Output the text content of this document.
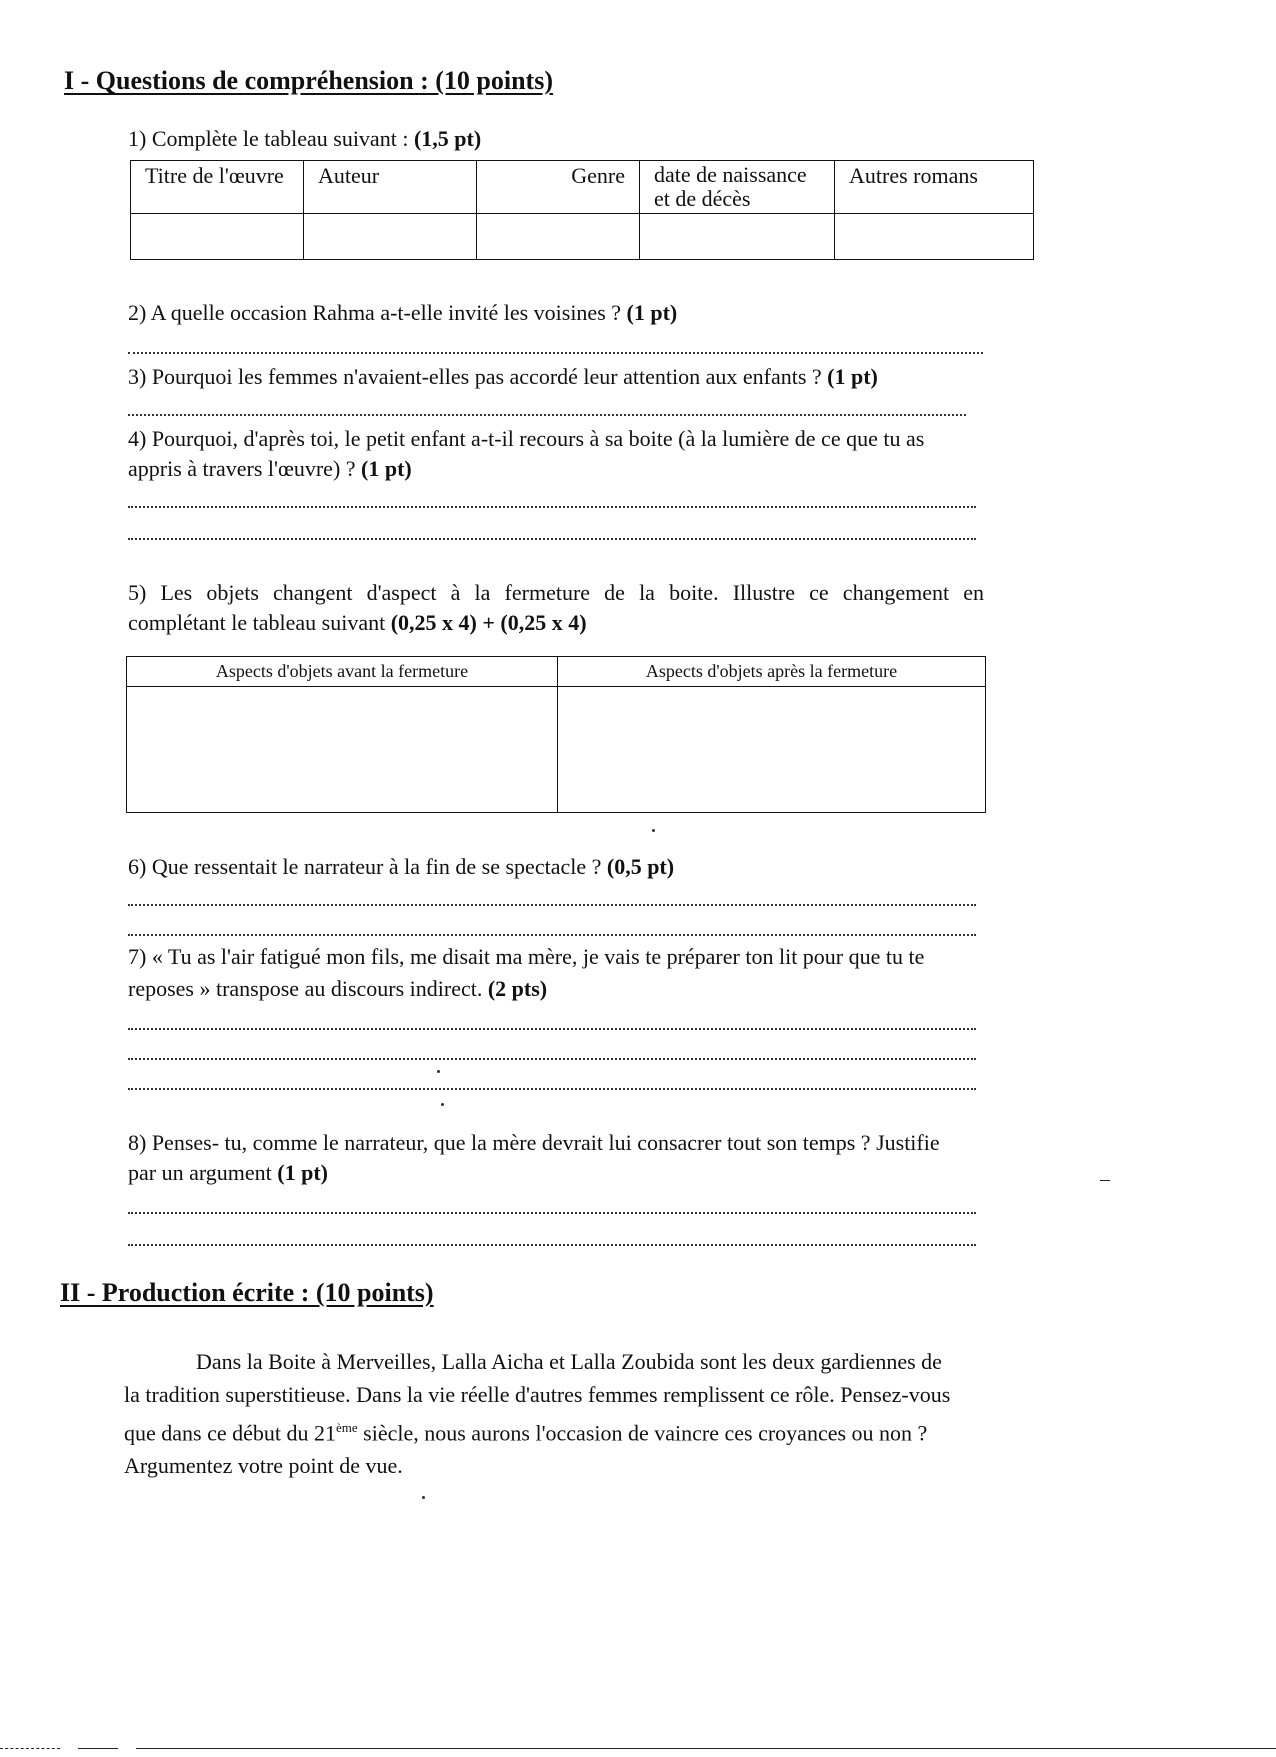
I - Questions de compréhension : (10 points)
1) Complète le tableau suivant : (1,5 pt)
Titre de l'œuvre	Auteur	Genre	date de naissance et de décès	Autres romans

2) A quelle occasion Rahma a-t-elle invité les voisines ? (1 pt)
3) Pourquoi les femmes n'avaient-elles pas accordé leur attention aux enfants ? (1 pt)
4) Pourquoi, d'après toi, le petit enfant a-t-il recours à sa boite (à la lumière de ce que tu as
appris à travers l'œuvre) ? (1 pt)
5) Les objets changent d'aspect à la fermeture de la boite. Illustre ce changement en
complétant le tableau suivant (0,25 x 4) + (0,25 x 4)
Aspects d'objets avant la fermeture	Aspects d'objets après la fermeture

6) Que ressentait le narrateur à la fin de se spectacle ? (0,5 pt)
7) « Tu as l'air fatigué mon fils, me disait ma mère, je vais te préparer ton lit pour que tu te
reposes » transpose au discours indirect. (2 pts)
8) Penses- tu, comme le narrateur, que la mère devrait lui consacrer tout son temps ? Justifie
par un argument (1 pt)
II - Production écrite : (10 points)
Dans la Boite à Merveilles, Lalla Aicha et Lalla Zoubida sont les deux gardiennes de
la tradition superstitieuse. Dans la vie réelle d'autres femmes remplissent ce rôle. Pensez-vous
que dans ce début du 21ème siècle, nous aurons l'occasion de vaincre ces croyances ou non ?
Argumentez votre point de vue.
